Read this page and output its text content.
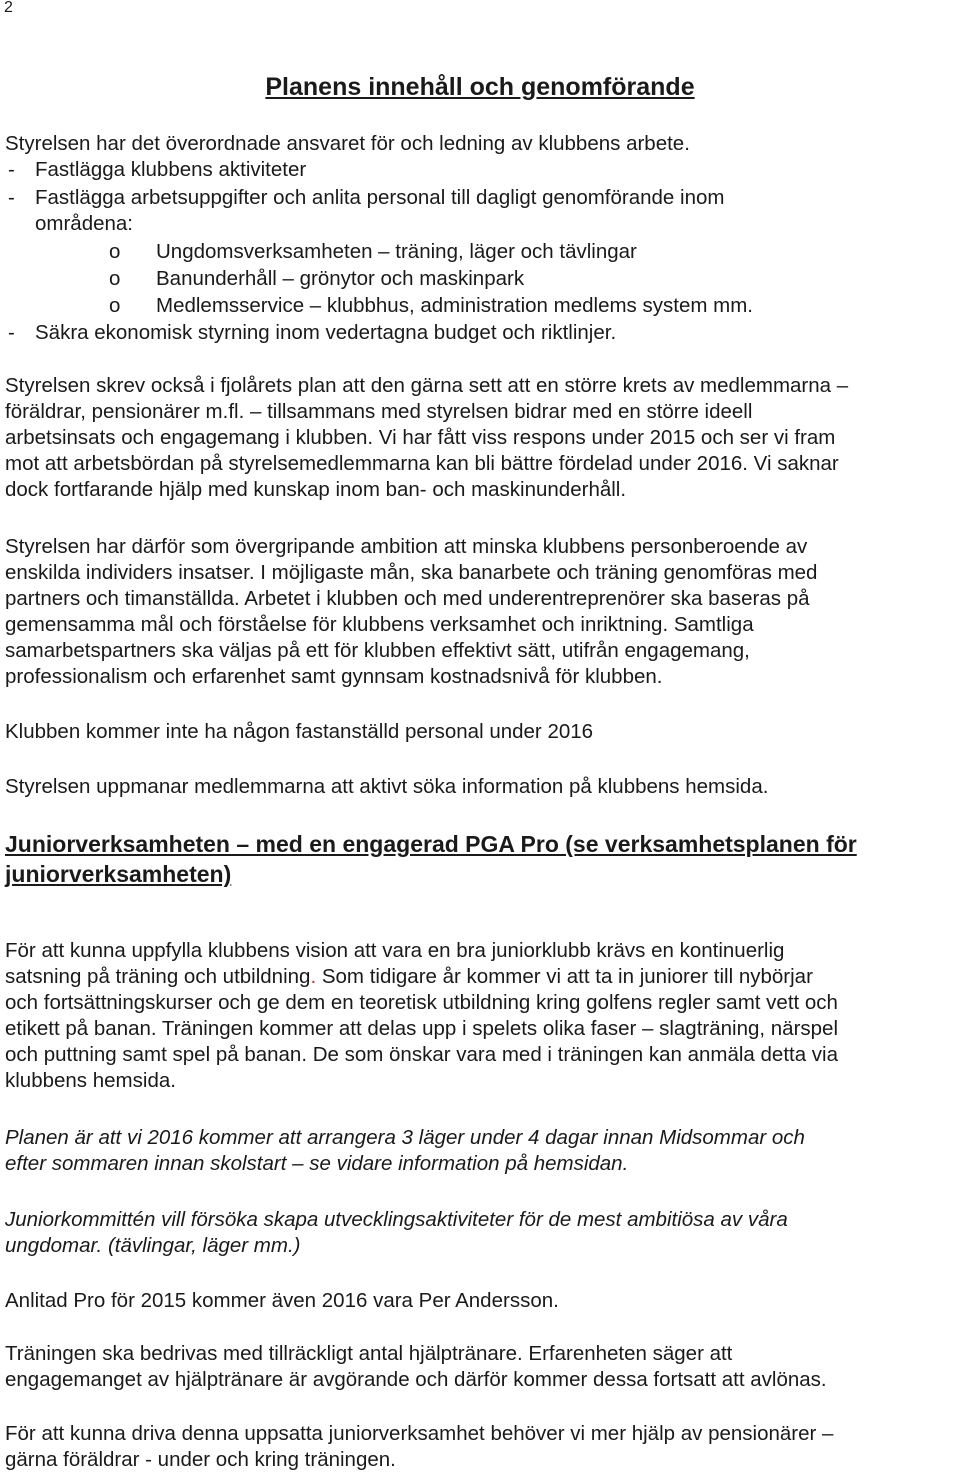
2
Planens innehåll och genomförande

Styrelsen har det överordnade ansvaret för och ledning av klubbens arbete.

- Fastlägga klubbens aktiviteter
- Fastlägga arbetsuppgifter och anlita personal till dagligt genomförande inom
områdena:
o Ungdomsverksamheten – träning, läger och tävlingar
o Banunderhåll – grönytor och maskinpark
o Medlemsservice – klubbhus, administration medlems system mm.
- Säkra ekonomisk styrning inom vedertagna budget och riktlinjer.

Styrelsen skrev också i fjolårets plan att den gärna sett att en större krets av medlemmarna –
föräldrar, pensionärer m.fl. – tillsammans med styrelsen bidrar med en större ideell
arbetsinsats och engagemang i klubben. Vi har fått viss respons under 2015 och ser vi fram
mot att arbetsbördan på styrelsemedlemmarna kan bli bättre fördelad under 2016. Vi saknar
dock fortfarande hjälp med kunskap inom ban- och maskinunderhåll.

Styrelsen har därför som övergripande ambition att minska klubbens personberoende av
enskilda individers insatser. I möjligaste mån, ska banarbete och träning genomföras med
partners och timanställda. Arbetet i klubben och med underentreprenörer ska baseras på
gemensamma mål och förståelse för klubbens verksamhet och inriktning. Samtliga
samarbetspartners ska väljas på ett för klubben effektivt sätt, utifrån engagemang,
professionalism och erfarenhet samt gynnsam kostnadsnivå för klubben.

Klubben kommer inte ha någon fastanställd personal under 2016

Styrelsen uppmanar medlemmarna att aktivt söka information på klubbens hemsida.

Juniorverksamheten – med en engagerad PGA Pro (se verksamhetsplanen för
juniorverksamheten)

För att kunna uppfylla klubbens vision att vara en bra juniorklubb krävs en kontinuerlig
satsning på träning och utbildning. Som tidigare år kommer vi att ta in juniorer till nybörjar
och fortsättningskurser och ge dem en teoretisk utbildning kring golfens regler samt vett och
etikett på banan. Träningen kommer att delas upp i spelets olika faser – slagträning, närspel
och puttning samt spel på banan. De som önskar vara med i träningen kan anmäla detta via
klubbens hemsida.

Planen är att vi 2016 kommer att arrangera 3 läger under 4 dagar innan Midsommar och
efter sommaren innan skolstart – se vidare information på hemsidan.

Juniorkommittén vill försöka skapa utvecklingsaktiviteter för de mest ambitiösa av våra
ungdomar. (tävlingar, läger mm.)

Anlitad Pro för 2015 kommer även 2016 vara Per Andersson.

Träningen ska bedrivas med tillräckligt antal hjälptränare. Erfarenheten säger att
engagemanget av hjälptränare är avgörande och därför kommer dessa fortsatt att avlönas.

För att kunna driva denna uppsatta juniorverksamhet behöver vi mer hjälp av pensionärer –
gärna föräldrar - under och kring träningen.
